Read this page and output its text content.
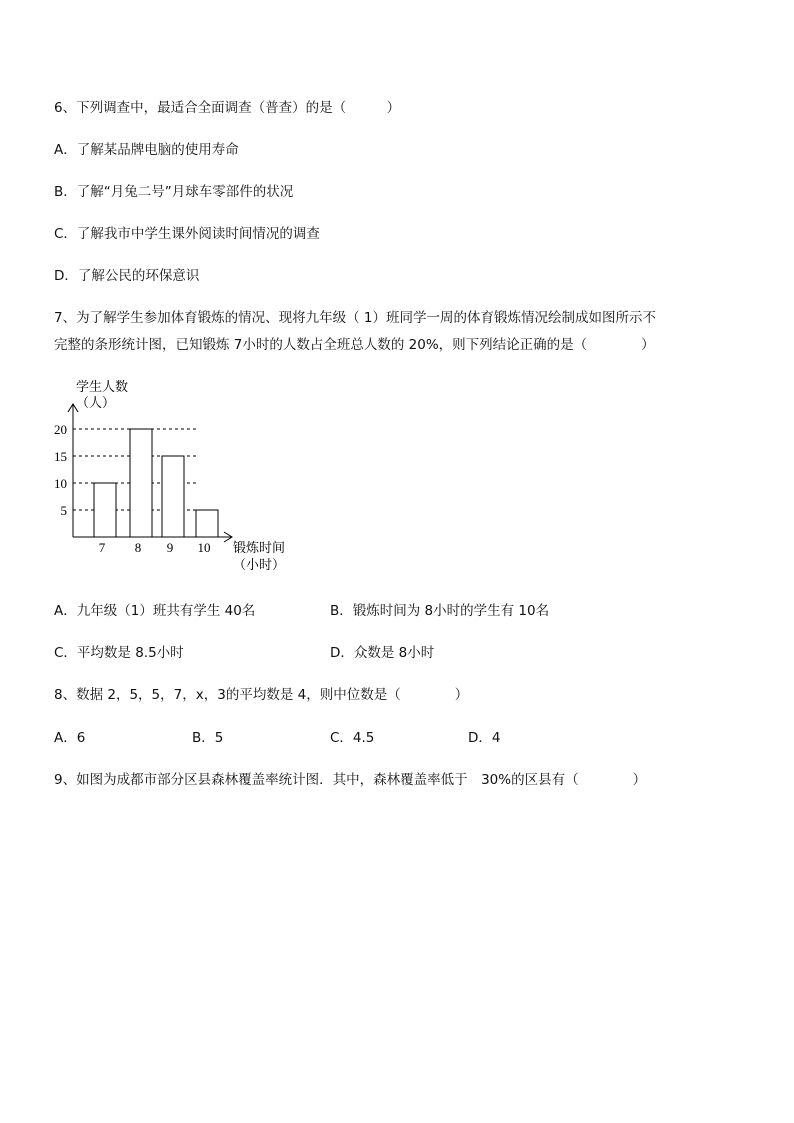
6、下列调查中，最适合全面调查（普查）的是（　　　）
A．了解某品牌电脑的使用寿命
B．了解“月兔二号”月球车零部件的状况
C．了解我市中学生课外阅读时间情况的调查
D．了解公民的环保意识
7、为了解学生参加体育锻炼的情况、现将九年级（ 1）班同学一周的体育锻炼情况绘制成如图所示不
完整的条形统计图，已知锻炼 7小时的人数占全班总人数的 20%，则下列结论正确的是（　　　　）
学生人数
（人）
锻炼时间
（小时）
5
10
15
20
7 8 9 10
A．九年级（1）班共有学生 40名	B．锻炼时间为 8小时的学生有 10名
C．平均数是 8.5小时	D．众数是 8小时
8、数据 2，5，5，7，x，3的平均数是 4，则中位数是（　　　　）
A．6	B．5	C．4.5	D．4
9、如图为成都市部分区县森林覆盖率统计图．其中，森林覆盖率低于　30%的区县有（　　　　）
